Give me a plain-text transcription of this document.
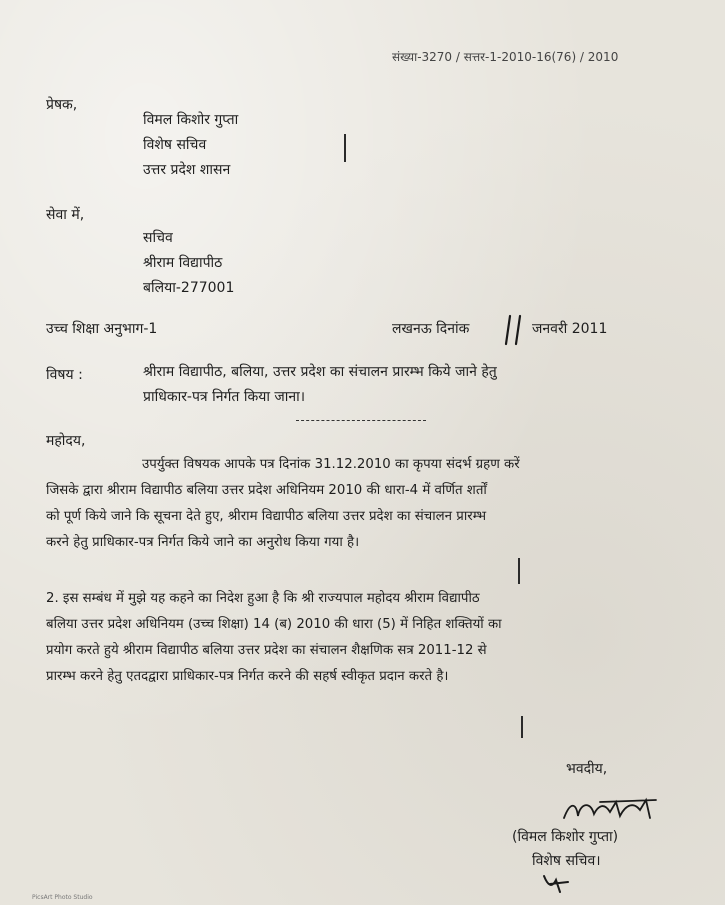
संख्या-3270 / सत्तर-1-2010-16(76) / 2010
प्रेषक,
विमल किशोर गुप्ता
विशेष सचिव
उत्तर प्रदेश शासन
सेवा में,
सचिव
श्रीराम विद्यापीठ
बलिया-277001
उच्च शिक्षा अनुभाग-1	लखनऊ दिनांक	जनवरी 2011
विषय :	श्रीराम विद्यापीठ, बलिया, उत्तर प्रदेश का संचालन प्रारम्भ किये जाने हेतु
प्राधिकार-पत्र निर्गत किया जाना।
महोदय,
उपर्युक्त विषयक आपके पत्र दिनांक 31.12.2010 का कृपया संदर्भ ग्रहण करें
जिसके द्वारा श्रीराम विद्यापीठ बलिया उत्तर प्रदेश अधिनियम 2010 की धारा-4 में वर्णित शर्तों
को पूर्ण किये जाने कि सूचना देते हुए, श्रीराम विद्यापीठ बलिया उत्तर प्रदेश का संचालन प्रारम्भ
करने हेतु प्राधिकार-पत्र निर्गत किये जाने का अनुरोध किया गया है।
2. इस सम्बंध में मुझे यह कहने का निदेश हुआ है कि श्री राज्यपाल महोदय श्रीराम विद्यापीठ
बलिया उत्तर प्रदेश अधिनियम (उच्च शिक्षा) 14 (ब) 2010 की धारा (5) में निहित शक्तियों का
प्रयोग करते हुये श्रीराम विद्यापीठ बलिया उत्तर प्रदेश का संचालन शैक्षणिक सत्र 2011-12 से
प्रारम्भ करने हेतु एतदद्वारा प्राधिकार-पत्र निर्गत करने की सहर्ष स्वीकृत प्रदान करते है।
भवदीय,
(विमल किशोर गुप्ता)
विशेष सचिव।
PicsArt Photo Studio
